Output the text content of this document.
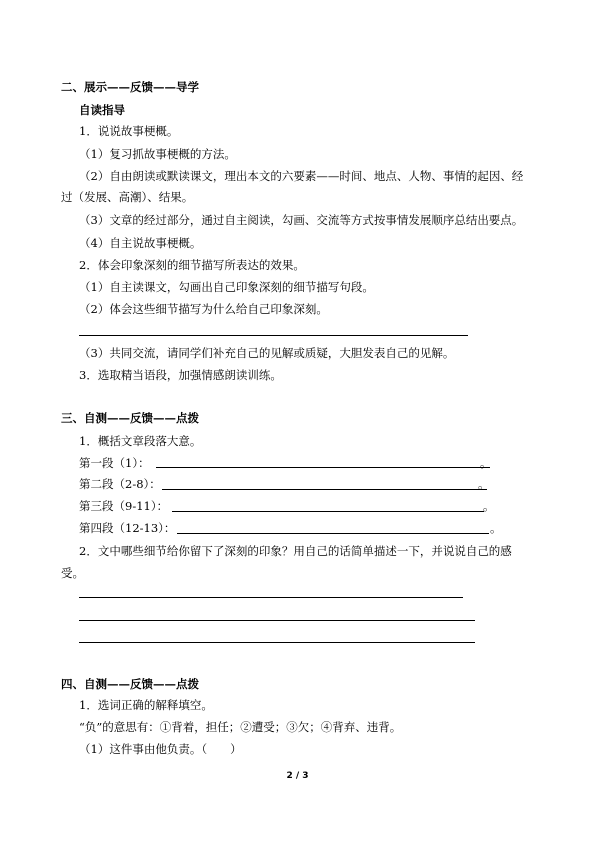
二、展示——反馈——导学
自读指导
1．说说故事梗概。
（1）复习抓故事梗概的方法。
（2）自由朗读或默读课文，理出本文的六要素——时间、地点、人物、事情的起因、经
过（发展、高潮）、结果。
（3）文章的经过部分，通过自主阅读，勾画、交流等方式按事情发展顺序总结出要点。
（4）自主说故事梗概。
2．体会印象深刻的细节描写所表达的效果。
（1）自主读课文，勾画出自己印象深刻的细节描写句段。
（2）体会这些细节描写为什么给自己印象深刻。
（3）共同交流，请同学们补充自己的见解或质疑，大胆发表自己的见解。
3．选取精当语段，加强情感朗读训练。
三、自测——反馈——点拨
1．概括文章段落大意。
第一段（1）：	。
第二段（2-8）：	。
第三段（9-11）：	。
第四段（12-13）：	。
2．文中哪些细节给你留下了深刻的印象？用自己的话简单描述一下，并说说自己的感
受。
四、自测——反馈——点拨
1．选词正确的解释填空。
“负”的意思有：①背着，担任；②遭受；③欠；④背弃、违背。
（1）这件事由他负责。（　　）
2 / 3
